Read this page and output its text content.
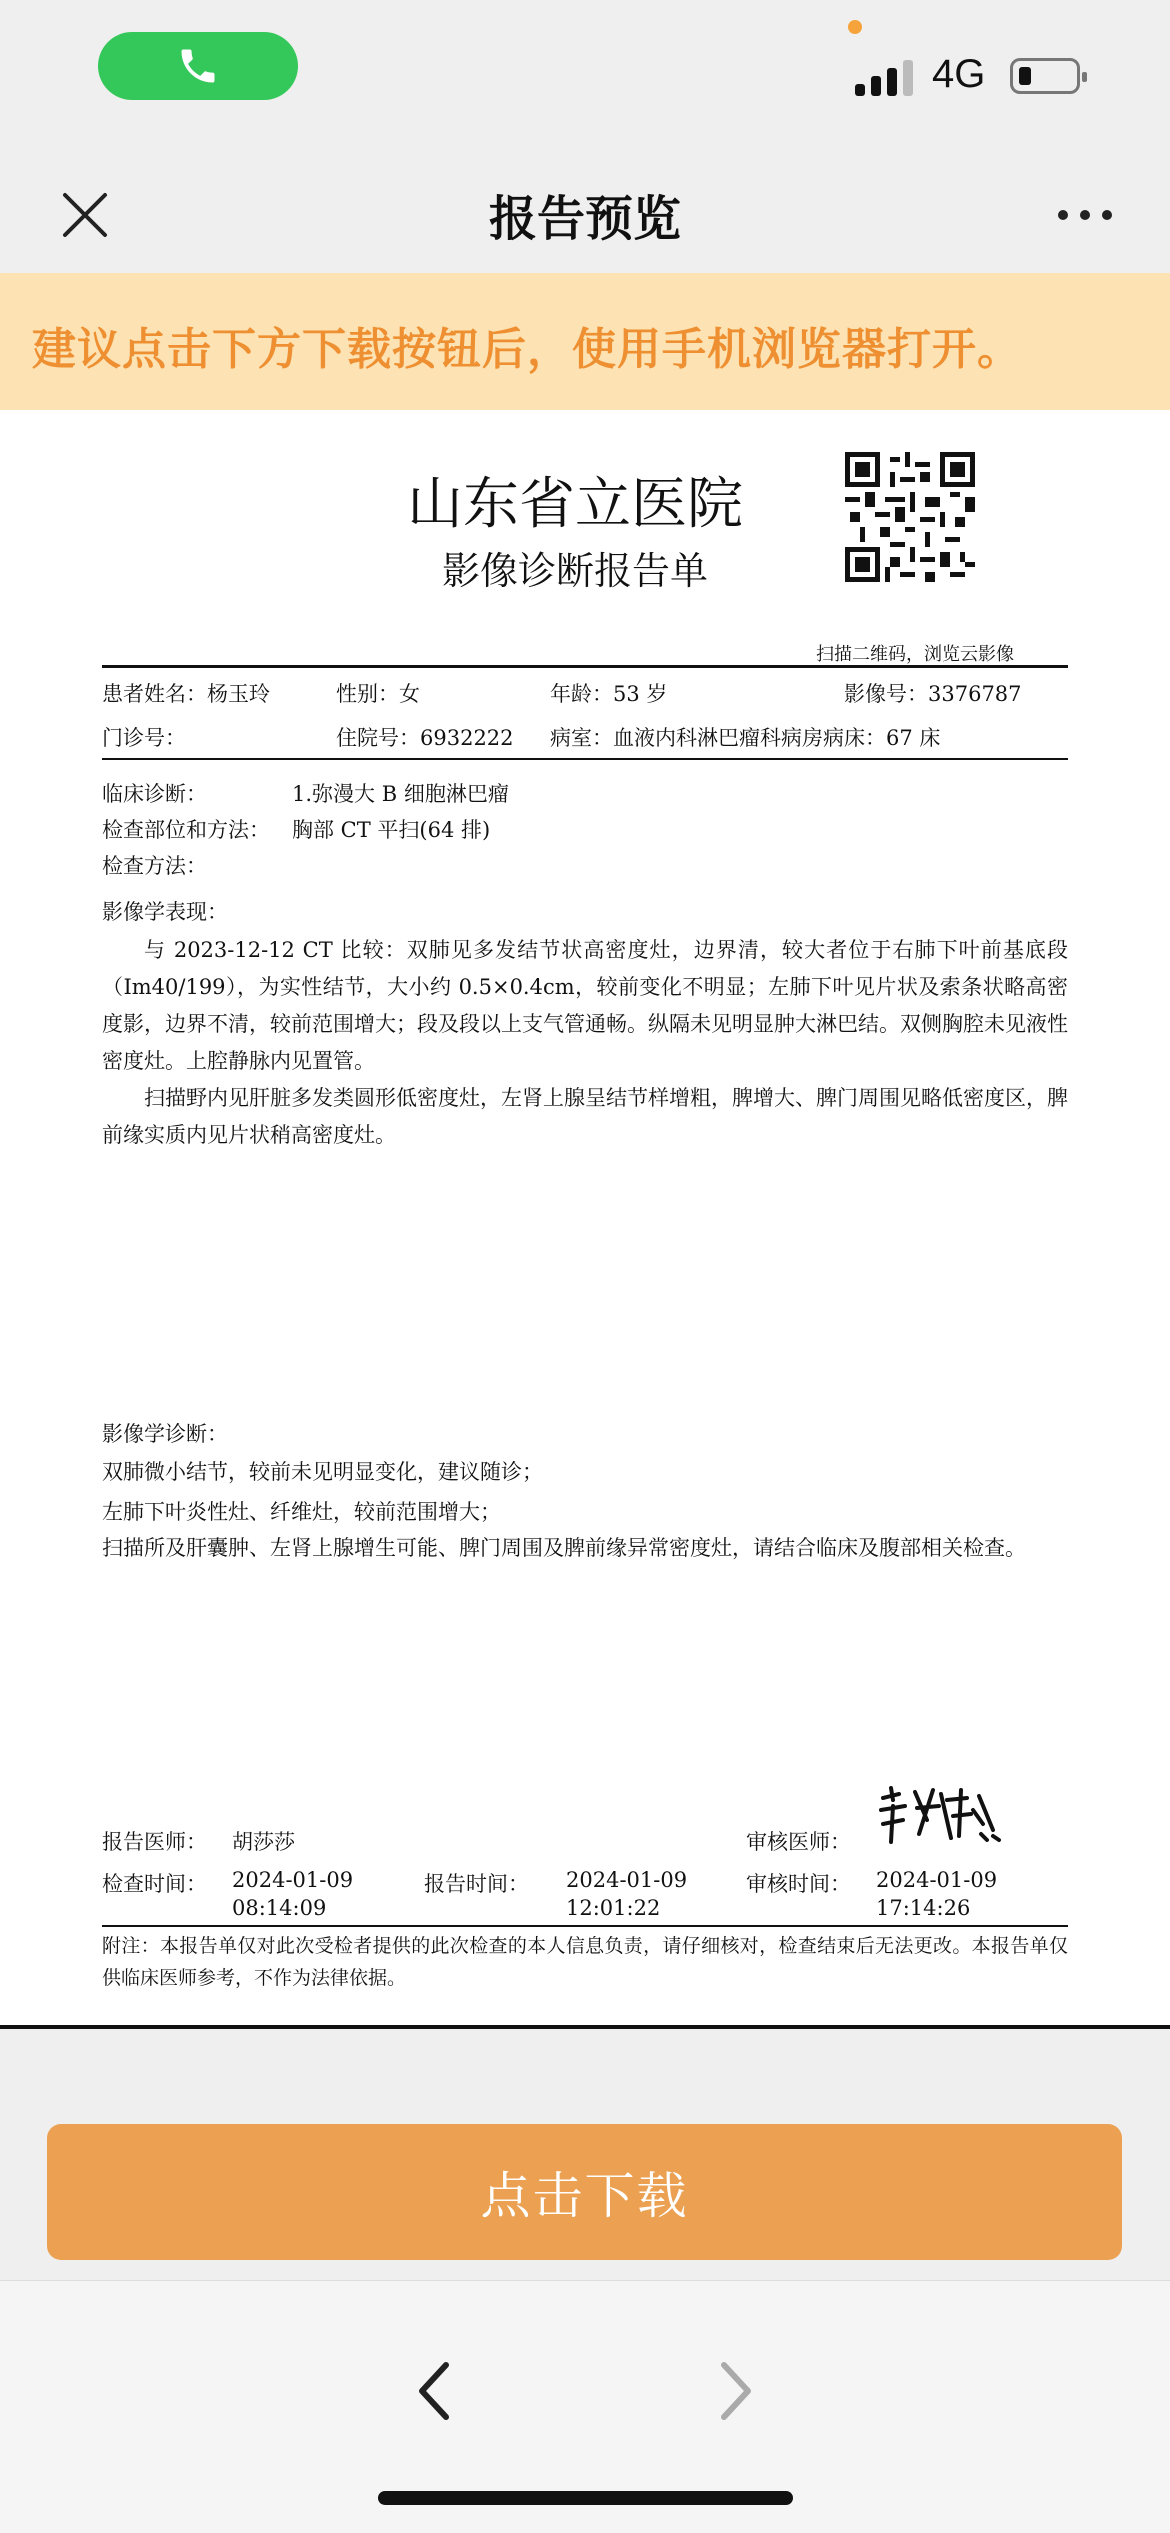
4G
报告预览
建议点击下方下载按钮后，使用手机浏览器打开。
山东省立医院
影像诊断报告单
扫描二维码，浏览云影像
患者姓名：杨玉玲	性别：女	年龄：53 岁	影像号：3376787
门诊号：	住院号：6932222 病室：血液内科淋巴瘤科病房病床：67 床
临床诊断：	1.弥漫大 B 细胞淋巴瘤
检查部位和方法： 胸部 CT 平扫(64 排)
检查方法：
影像学表现：
与 2023-12-12 CT 比较：双肺见多发结节状高密度灶，边界清，较大者位于右肺下叶前基底段（Im40/199），为实性结节，大小约 0.5×0.4cm，较前变化不明显；左肺下叶见片状及索条状略高密度影，边界不清，较前范围增大；段及段以上支气管通畅。纵隔未见明显肿大淋巴结。双侧胸腔未见液性密度灶。上腔静脉内见置管。
扫描野内见肝脏多发类圆形低密度灶，左肾上腺呈结节样增粗，脾增大、脾门周围见略低密度区，脾前缘实质内见片状稍高密度灶。
影像学诊断：
双肺微小结节，较前未见明显变化，建议随诊；
左肺下叶炎性灶、纤维灶，较前范围增大；
扫描所及肝囊肿、左肾上腺增生可能、脾门周围及脾前缘异常密度灶，请结合临床及腹部相关检查。
报告医师： 胡莎莎	审核医师：
检查时间： 2024-01-09
08:14:09
报告时间： 2024-01-09
12:01:22
审核时间： 2024-01-09
17:14:26
附注：本报告单仅对此次受检者提供的此次检查的本人信息负责，请仔细核对，检查结束后无法更改。本报告单仅供临床医师参考，不作为法律依据。
点击下载
